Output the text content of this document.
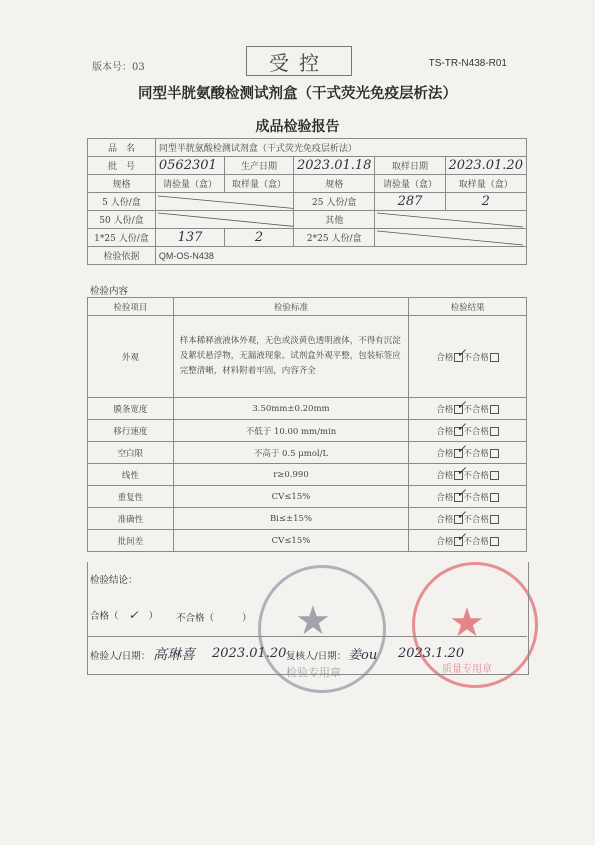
版本号：03	受控	TS-TR-N438-R01
同型半胱氨酸检测试剂盒（干式荧光免疫层析法）
成品检验报告
品　名	同型半胱氨酸检测试剂盒（干式荧光免疫层析法）				
批　号	0562301	生产日期	2023.01.18	取样日期	2023.01.20
规格	请验量（盒）	取样量（盒）	规格	请验量（盒）	取样量（盒）
5 人份/盒			25 人份/盒	287	2
50 人份/盒			其他	

1*25 人份/盒	137	2	2*25 人份/盒	

检验依据	QM-OS-N438				
检验内容
检验项目	检验标准	检验结果
外观	样本稀释液液体外观，无色或淡黄色透明液体，不得有沉淀及絮状悬浮物，无漏液现象。试剂盒外观平整，包装标签应完整清晰，材料附着牢固，内容齐全	合格 ✓
不合格
膜条宽度	3.50mm±0.20mm	合格 ✓
不合格
移行速度	不低于 10.00 mm/min	合格 ✓
不合格
空白限	不高于 0.5 μmol/L	合格 ✓
不合格
线性	r≥0.990	合格 ✓
不合格
重复性	CV≤15%	合格 ✓
不合格
准确性	Bi≤±15%	合格 ✓
不合格
批间差	CV≤15%	合格 ✓
不合格
★
检验专用章
★
质量专用章
检验结论：
合格（ ✓ ） 不合格（	）
检验人/日期： 高琳喜 2023.01.20 复核人/日期： 姜ou 2023.1.20
